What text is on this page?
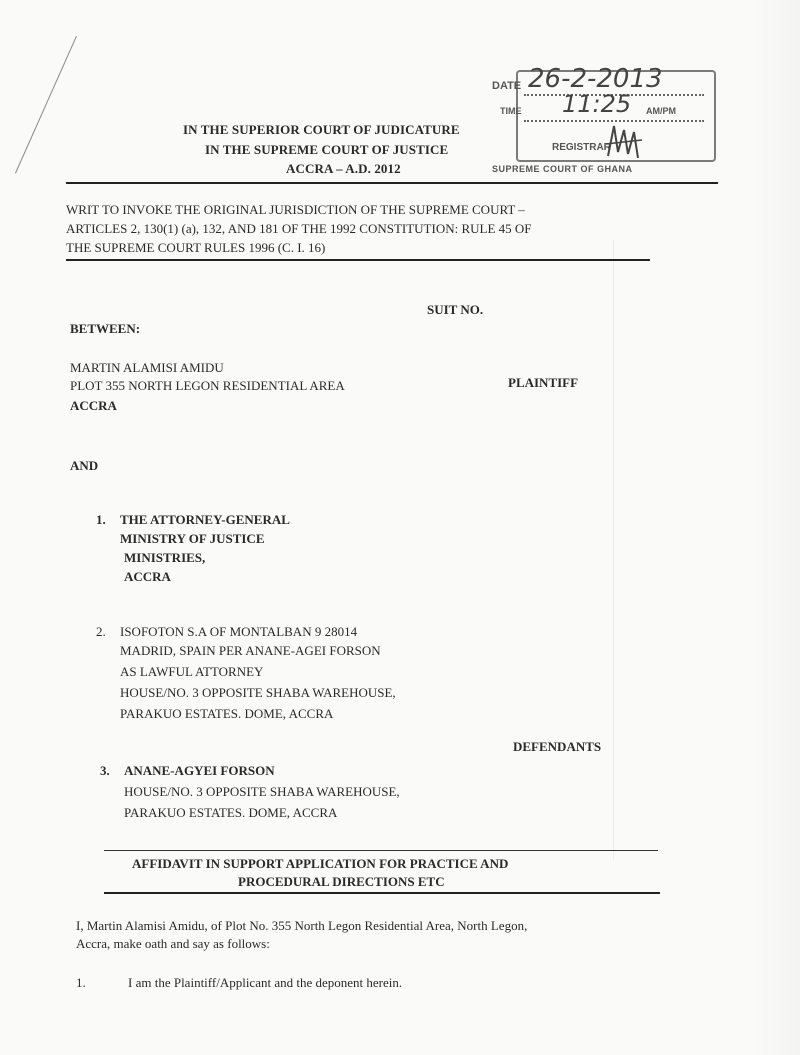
IN THE SUPERIOR COURT OF JUDICATURE
IN THE SUPREME COURT OF JUSTICE
ACCRA – A.D. 2012
DATE 26-2-2013
TIME 11:25 AM/PM
REGISTRAR
SUPREME COURT OF GHANA
WRIT TO INVOKE THE ORIGINAL JURISDICTION OF THE SUPREME COURT –
ARTICLES 2, 130(1) (a), 132, AND 181 OF THE 1992 CONSTITUTION: RULE 45 OF
THE SUPREME COURT RULES 1996 (C. I. 16)
SUIT NO.
BETWEEN:
MARTIN ALAMISI AMIDU
PLOT 355 NORTH LEGON RESIDENTIAL AREA
ACCRA
PLAINTIFF
AND
1. THE ATTORNEY-GENERAL
MINISTRY OF JUSTICE
MINISTRIES,
ACCRA
2. ISOFOTON S.A OF MONTALBAN 9 28014
MADRID, SPAIN PER ANANE-AGEI FORSON
AS LAWFUL ATTORNEY
HOUSE/NO. 3 OPPOSITE SHABA WAREHOUSE,
PARAKUO ESTATES. DOME, ACCRA
DEFENDANTS
3. ANANE-AGYEI FORSON
HOUSE/NO. 3 OPPOSITE SHABA WAREHOUSE,
PARAKUO ESTATES. DOME, ACCRA
AFFIDAVIT IN SUPPORT APPLICATION FOR PRACTICE AND
PROCEDURAL DIRECTIONS ETC
I, Martin Alamisi Amidu, of Plot No. 355 North Legon Residential Area, North Legon,
Accra, make oath and say as follows:
1.	I am the Plaintiff/Applicant and the deponent herein.
